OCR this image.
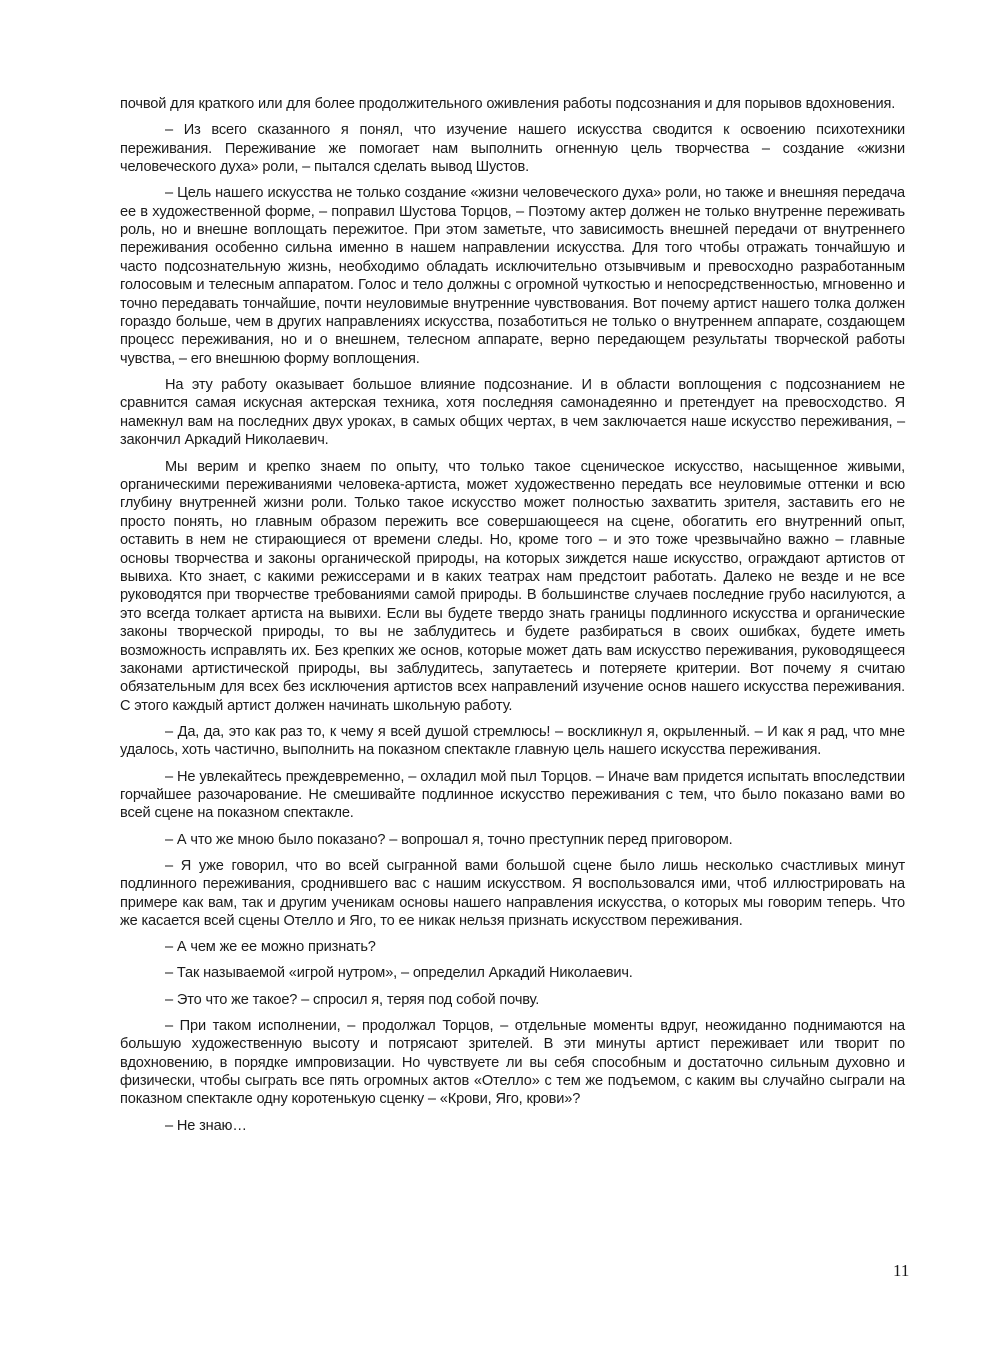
почвой для краткого или для более продолжительного оживления работы подсознания и для порывов вдохновения.

– Из всего сказанного я понял, что изучение нашего искусства сводится к освоению психотехники переживания. Переживание же помогает нам выполнить огненную цель творчества – создание «жизни человеческого духа» роли, – пытался сделать вывод Шустов.

– Цель нашего искусства не только создание «жизни человеческого духа» роли, но также и внешняя передача ее в художественной форме, – поправил Шустова Торцов, – Поэтому актер должен не только внутренне переживать роль, но и внешне воплощать пережитое. При этом заметьте, что зависимость внешней передачи от внутреннего переживания особенно сильна именно в нашем направлении искусства. Для того чтобы отражать тончайшую и часто подсознательную жизнь, необходимо обладать исключительно отзывчивым и превосходно разработанным голосовым и телесным аппаратом. Голос и тело должны с огромной чуткостью и непосредственностью, мгновенно и точно передавать тончайшие, почти неуловимые внутренние чувствования. Вот почему артист нашего толка должен гораздо больше, чем в других направлениях искусства, позаботиться не только о внутреннем аппарате, создающем процесс переживания, но и о внешнем, телесном аппарате, верно передающем результаты творческой работы чувства, – его внешнюю форму воплощения.

На эту работу оказывает большое влияние подсознание. И в области воплощения с подсознанием не сравнится самая искусная актерская техника, хотя последняя самонадеянно и претендует на превосходство. Я намекнул вам на последних двух уроках, в самых общих чертах, в чем заключается наше искусство переживания, – закончил Аркадий Николаевич.

Мы верим и крепко знаем по опыту, что только такое сценическое искусство, насыщенное живыми, органическими переживаниями человека-артиста, может художественно передать все неуловимые оттенки и всю глубину внутренней жизни роли. Только такое искусство может полностью захватить зрителя, заставить его не просто понять, но главным образом пережить все совершающееся на сцене, обогатить его внутренний опыт, оставить в нем не стирающиеся от времени следы. Но, кроме того – и это тоже чрезвычайно важно – главные основы творчества и законы органической природы, на которых зиждется наше искусство, ограждают артистов от вывиха. Кто знает, с какими режиссерами и в каких театрах нам предстоит работать. Далеко не везде и не все руководятся при творчестве требованиями самой природы. В большинстве случаев последние грубо насилуются, а это всегда толкает артиста на вывихи. Если вы будете твердо знать границы подлинного искусства и органические законы творческой природы, то вы не заблудитесь и будете разбираться в своих ошибках, будете иметь возможность исправлять их. Без крепких же основ, которые может дать вам искусство переживания, руководящееся законами артистической природы, вы заблудитесь, запутаетесь и потеряете критерии. Вот почему я считаю обязательным для всех без исключения артистов всех направлений изучение основ нашего искусства переживания. С этого каждый артист должен начинать школьную работу.

– Да, да, это как раз то, к чему я всей душой стремлюсь! – воскликнул я, окрыленный. – И как я рад, что мне удалось, хоть частично, выполнить на показном спектакле главную цель нашего искусства переживания.

– Не увлекайтесь преждевременно, – охладил мой пыл Торцов. – Иначе вам придется испытать впоследствии горчайшее разочарование. Не смешивайте подлинное искусство переживания с тем, что было показано вами во всей сцене на показном спектакле.

– А что же мною было показано? – вопрошал я, точно преступник перед приговором.

– Я уже говорил, что во всей сыгранной вами большой сцене было лишь несколько счастливых минут подлинного переживания, сроднившего вас с нашим искусством. Я воспользовался ими, чтоб иллюстрировать на примере как вам, так и другим ученикам основы нашего направления искусства, о которых мы говорим теперь. Что же касается всей сцены Отелло и Яго, то ее никак нельзя признать искусством переживания.

– А чем же ее можно признать?

– Так называемой «игрой нутром», – определил Аркадий Николаевич.

– Это что же такое? – спросил я, теряя под собой почву.

– При таком исполнении, – продолжал Торцов, – отдельные моменты вдруг, неожиданно поднимаются на большую художественную высоту и потрясают зрителей. В эти минуты артист переживает или творит по вдохновению, в порядке импровизации. Но чувствуете ли вы себя способным и достаточно сильным духовно и физически, чтобы сыграть все пять огромных актов «Отелло» с тем же подъемом, с каким вы случайно сыграли на показном спектакле одну коротенькую сценку – «Крови, Яго, крови»?

– Не знаю…

11
